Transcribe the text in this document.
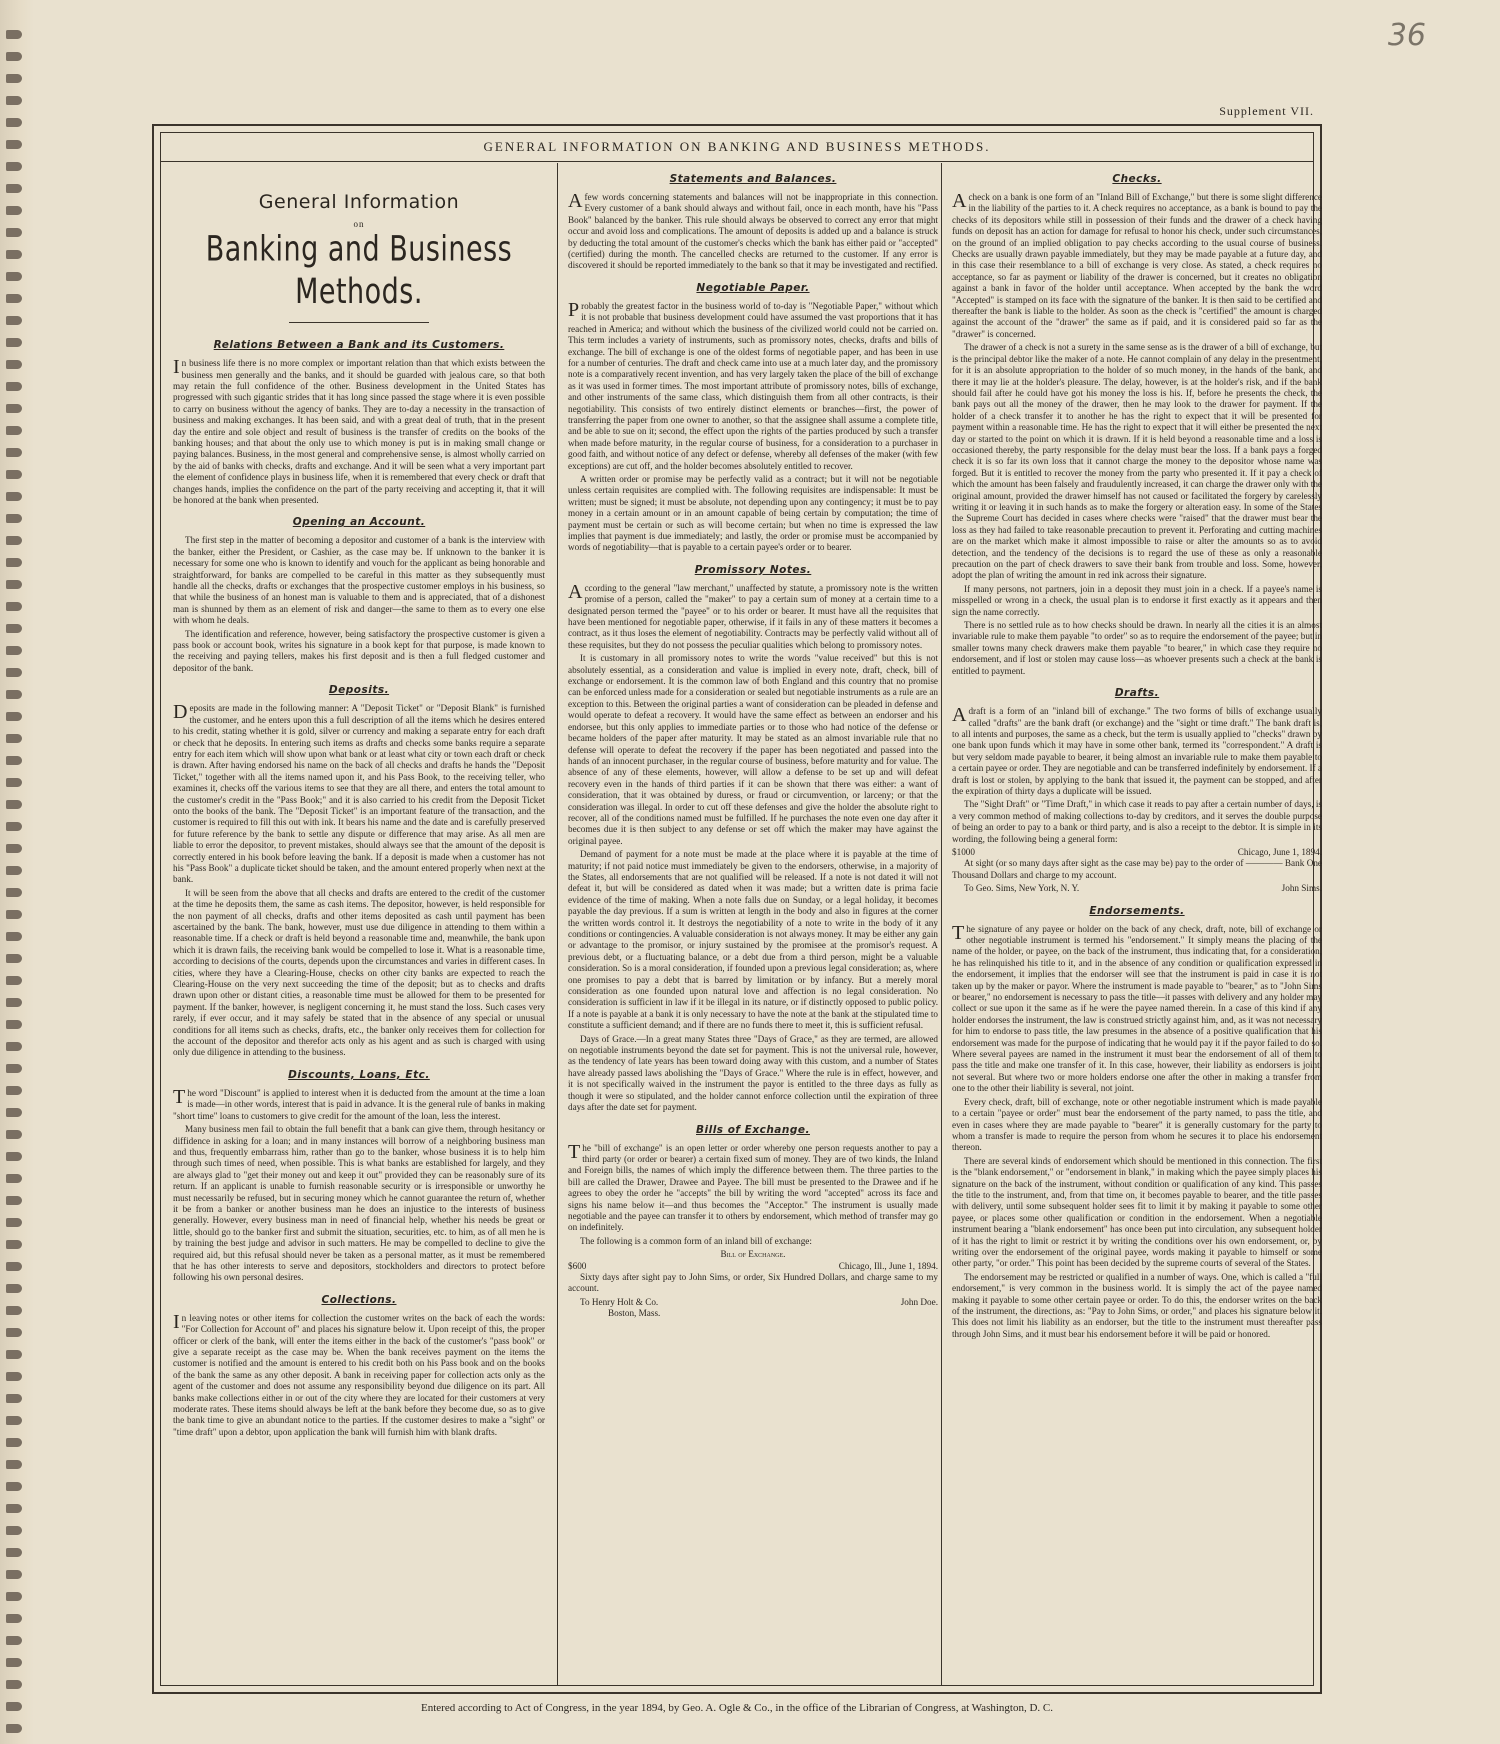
36
Supplement VII.
GENERAL INFORMATION ON BANKING AND BUSINESS METHODS.
General Information
on
Banking and Business Methods.
Relations Between a Bank and its Customers.

In business life there is no more complex or important relation than that which exists between the business men generally and the banks, and it should be guarded with jealous care, so that both may retain the full confidence of the other. Business development in the United States has progressed with such gigantic strides that it has long since passed the stage where it is even possible to carry on business without the agency of banks. They are to-day a necessity in the transaction of business and making exchanges. It has been said, and with a great deal of truth, that in the present day the entire and sole object and result of business is the transfer of credits on the books of the banking houses; and that about the only use to which money is put is in making small change or paying balances. Business, in the most general and comprehensive sense, is almost wholly carried on by the aid of banks with checks, drafts and exchange. And it will be seen what a very important part the element of confidence plays in business life, when it is remembered that every check or draft that changes hands, implies the confidence on the part of the party receiving and accepting it, that it will be honored at the bank when presented.

Opening an Account.

The first step in the matter of becoming a depositor and customer of a bank is the interview with the banker, either the President, or Cashier, as the case may be. If unknown to the banker it is necessary for some one who is known to identify and vouch for the applicant as being honorable and straightforward, for banks are compelled to be careful in this matter as they subsequently must handle all the checks, drafts or exchanges that the prospective customer employs in his business, so that while the business of an honest man is valuable to them and is appreciated, that of a dishonest man is shunned by them as an element of risk and danger—the same to them as to every one else with whom he deals.

The identification and reference, however, being satisfactory the prospective customer is given a pass book or account book, writes his signature in a book kept for that purpose, is made known to the receiving and paying tellers, makes his first deposit and is then a full fledged customer and depositor of the bank.

Deposits.

Deposits are made in the following manner: A "Deposit Ticket" or "Deposit Blank" is furnished the customer, and he enters upon this a full description of all the items which he desires entered to his credit, stating whether it is gold, silver or currency and making a separate entry for each draft or check that he deposits. In entering such items as drafts and checks some banks require a separate entry for each item which will show upon what bank or at least what city or town each draft or check is drawn. After having endorsed his name on the back of all checks and drafts he hands the "Deposit Ticket," together with all the items named upon it, and his Pass Book, to the receiving teller, who examines it, checks off the various items to see that they are all there, and enters the total amount to the customer's credit in the "Pass Book;" and it is also carried to his credit from the Deposit Ticket onto the books of the bank. The "Deposit Ticket" is an important feature of the transaction, and the customer is required to fill this out with ink. It bears his name and the date and is carefully preserved for future reference by the bank to settle any dispute or difference that may arise. As all men are liable to error the depositor, to prevent mistakes, should always see that the amount of the deposit is correctly entered in his book before leaving the bank. If a deposit is made when a customer has not his "Pass Book" a duplicate ticket should be taken, and the amount entered properly when next at the bank.

It will be seen from the above that all checks and drafts are entered to the credit of the customer at the time he deposits them, the same as cash items. The depositor, however, is held responsible for the non payment of all checks, drafts and other items deposited as cash until payment has been ascertained by the bank. The bank, however, must use due diligence in attending to them within a reasonable time. If a check or draft is held beyond a reasonable time and, meanwhile, the bank upon which it is drawn fails, the receiving bank would be compelled to lose it. What is a reasonable time, according to decisions of the courts, depends upon the circumstances and varies in different cases. In cities, where they have a Clearing-House, checks on other city banks are expected to reach the Clearing-House on the very next succeeding the time of the deposit; but as to checks and drafts drawn upon other or distant cities, a reasonable time must be allowed for them to be presented for payment. If the banker, however, is negligent concerning it, he must stand the loss. Such cases very rarely, if ever occur, and it may safely be stated that in the absence of any special or unusual conditions for all items such as checks, drafts, etc., the banker only receives them for collection for the account of the depositor and therefor acts only as his agent and as such is charged with using only due diligence in attending to the business.

Discounts, Loans, Etc.

The word "Discount" is applied to interest when it is deducted from the amount at the time a loan is made—in other words, interest that is paid in advance. It is the general rule of banks in making "short time" loans to customers to give credit for the amount of the loan, less the interest.

Many business men fail to obtain the full benefit that a bank can give them, through hesitancy or diffidence in asking for a loan; and in many instances will borrow of a neighboring business man and thus, frequently embarrass him, rather than go to the banker, whose business it is to help him through such times of need, when possible. This is what banks are established for largely, and they are always glad to "get their money out and keep it out" provided they can be reasonably sure of its return. If an applicant is unable to furnish reasonable security or is irresponsible or unworthy he must necessarily be refused, but in securing money which he cannot guarantee the return of, whether it be from a banker or another business man he does an injustice to the interests of business generally. However, every business man in need of financial help, whether his needs be great or little, should go to the banker first and submit the situation, securities, etc. to him, as of all men he is by training the best judge and advisor in such matters. He may be compelled to decline to give the required aid, but this refusal should never be taken as a personal matter, as it must be remembered that he has other interests to serve and depositors, stockholders and directors to protect before following his own personal desires.

Collections.

In leaving notes or other items for collection the customer writes on the back of each the words: "For Collection for Account of" and places his signature below it. Upon receipt of this, the proper officer or clerk of the bank, will enter the items either in the back of the customer's "pass book" or give a separate receipt as the case may be. When the bank receives payment on the items the customer is notified and the amount is entered to his credit both on his Pass book and on the books of the bank the same as any other deposit. A bank in receiving paper for collection acts only as the agent of the customer and does not assume any responsibility beyond due diligence on its part. All banks make collections either in or out of the city where they are located for their customers at very moderate rates. These items should always be left at the bank before they become due, so as to give the bank time to give an abundant notice to the parties. If the customer desires to make a "sight" or "time draft" upon a debtor, upon application the bank will furnish him with blank drafts.

Statements and Balances.

Afew words concerning statements and balances will not be inappropriate in this connection. Every customer of a bank should always and without fail, once in each month, have his "Pass Book" balanced by the banker. This rule should always be observed to correct any error that might occur and avoid loss and complications. The amount of deposits is added up and a balance is struck by deducting the total amount of the customer's checks which the bank has either paid or "accepted" (certified) during the month. The cancelled checks are returned to the customer. If any error is discovered it should be reported immediately to the bank so that it may be investigated and rectified.

Negotiable Paper.

Probably the greatest factor in the business world of to-day is "Negotiable Paper," without which it is not probable that business development could have assumed the vast proportions that it has reached in America; and without which the business of the civilized world could not be carried on. This term includes a variety of instruments, such as promissory notes, checks, drafts and bills of exchange. The bill of exchange is one of the oldest forms of negotiable paper, and has been in use for a number of centuries. The draft and check came into use at a much later day, and the promissory note is a comparatively recent invention, and has very largely taken the place of the bill of exchange as it was used in former times. The most important attribute of promissory notes, bills of exchange, and other instruments of the same class, which distinguish them from all other contracts, is their negotiability. This consists of two entirely distinct elements or branches—first, the power of transferring the paper from one owner to another, so that the assignee shall assume a complete title, and be able to sue on it; second, the effect upon the rights of the parties produced by such a transfer when made before maturity, in the regular course of business, for a consideration to a purchaser in good faith, and without notice of any defect or defense, whereby all defenses of the maker (with few exceptions) are cut off, and the holder becomes absolutely entitled to recover.

A written order or promise may be perfectly valid as a contract; but it will not be negotiable unless certain requisites are complied with. The following requisites are indispensable: It must be written; must be signed; it must be absolute, not depending upon any contingency; it must be to pay money in a certain amount or in an amount capable of being certain by computation; the time of payment must be certain or such as will become certain; but when no time is expressed the law implies that payment is due immediately; and lastly, the order or promise must be accompanied by words of negotiability—that is payable to a certain payee's order or to bearer.

Promissory Notes.

According to the general "law merchant," unaffected by statute, a promissory note is the written promise of a person, called the "maker" to pay a certain sum of money at a certain time to a designated person termed the "payee" or to his order or bearer. It must have all the requisites that have been mentioned for negotiable paper, otherwise, if it fails in any of these matters it becomes a contract, as it thus loses the element of negotiability. Contracts may be perfectly valid without all of these requisites, but they do not possess the peculiar qualities which belong to promissory notes.

It is customary in all promissory notes to write the words "value received" but this is not absolutely essential, as a consideration and value is implied in every note, draft, check, bill of exchange or endorsement. It is the common law of both England and this country that no promise can be enforced unless made for a consideration or sealed but negotiable instruments as a rule are an exception to this. Between the original parties a want of consideration can be pleaded in defense and would operate to defeat a recovery. It would have the same effect as between an endorser and his endorsee, but this only applies to immediate parties or to those who had notice of the defense or became holders of the paper after maturity. It may be stated as an almost invariable rule that no defense will operate to defeat the recovery if the paper has been negotiated and passed into the hands of an innocent purchaser, in the regular course of business, before maturity and for value. The absence of any of these elements, however, will allow a defense to be set up and will defeat recovery even in the hands of third parties if it can be shown that there was either: a want of consideration, that it was obtained by duress, or fraud or circumvention, or larceny; or that the consideration was illegal. In order to cut off these defenses and give the holder the absolute right to recover, all of the conditions named must be fulfilled. If he purchases the note even one day after it becomes due it is then subject to any defense or set off which the maker may have against the original payee.

Demand of payment for a note must be made at the place where it is payable at the time of maturity; if not paid notice must immediately be given to the endorsers, otherwise, in a majority of the States, all endorsements that are not qualified will be released. If a note is not dated it will not defeat it, but will be considered as dated when it was made; but a written date is prima facie evidence of the time of making. When a note falls due on Sunday, or a legal holiday, it becomes payable the day previous. If a sum is written at length in the body and also in figures at the corner the written words control it. It destroys the negotiability of a note to write in the body of it any conditions or contingencies. A valuable consideration is not always money. It may be either any gain or advantage to the promisor, or injury sustained by the promisee at the promisor's request. A previous debt, or a fluctuating balance, or a debt due from a third person, might be a valuable consideration. So is a moral consideration, if founded upon a previous legal consideration; as, where one promises to pay a debt that is barred by limitation or by infancy. But a merely moral consideration as one founded upon natural love and affection is no legal consideration. No consideration is sufficient in law if it be illegal in its nature, or if distinctly opposed to public policy. If a note is payable at a bank it is only necessary to have the note at the bank at the stipulated time to constitute a sufficient demand; and if there are no funds there to meet it, this is sufficient refusal.

Days of Grace.—In a great many States three "Days of Grace," as they are termed, are allowed on negotiable instruments beyond the date set for payment. This is not the universal rule, however, as the tendency of late years has been toward doing away with this custom, and a number of States have already passed laws abolishing the "Days of Grace." Where the rule is in effect, however, and it is not specifically waived in the instrument the payor is entitled to the three days as fully as though it were so stipulated, and the holder cannot enforce collection until the expiration of three days after the date set for payment.

Bills of Exchange.

The "bill of exchange" is an open letter or order whereby one person requests another to pay a third party (or order or bearer) a certain fixed sum of money. They are of two kinds, the Inland and Foreign bills, the names of which imply the difference between them. The three parties to the bill are called the Drawer, Drawee and Payee. The bill must be presented to the Drawee and if he agrees to obey the order he "accepts" the bill by writing the word "accepted" across its face and signs his name below it—and thus becomes the "Acceptor." The instrument is usually made negotiable and the payee can transfer it to others by endorsement, which method of transfer may go on indefinitely.

The following is a common form of an inland bill of exchange:

Bill of Exchange.
$600	Chicago, Ill., June 1, 1894.

Sixty days after sight pay to John Sims, or order, Six Hundred Dollars, and charge same to my account.

To Henry Holt & Co.	John Doe.
Boston, Mass.
Checks.

Acheck on a bank is one form of an "Inland Bill of Exchange," but there is some slight difference in the liability of the parties to it. A check requires no acceptance, as a bank is bound to pay the checks of its depositors while still in possession of their funds and the drawer of a check having funds on deposit has an action for damage for refusal to honor his check, under such circumstances, on the ground of an implied obligation to pay checks according to the usual course of business. Checks are usually drawn payable immediately, but they may be made payable at a future day, and in this case their resemblance to a bill of exchange is very close. As stated, a check requires no acceptance, so far as payment or liability of the drawer is concerned, but it creates no obligation against a bank in favor of the holder until acceptance. When accepted by the bank the word "Accepted" is stamped on its face with the signature of the banker. It is then said to be certified and thereafter the bank is liable to the holder. As soon as the check is "certified" the amount is charged against the account of the "drawer" the same as if paid, and it is considered paid so far as the "drawer" is concerned.

The drawer of a check is not a surety in the same sense as is the drawer of a bill of exchange, but is the principal debtor like the maker of a note. He cannot complain of any delay in the presentment, for it is an absolute appropriation to the holder of so much money, in the hands of the bank, and there it may lie at the holder's pleasure. The delay, however, is at the holder's risk, and if the bank should fail after he could have got his money the loss is his. If, before he presents the check, the bank pays out all the money of the drawer, then he may look to the drawer for payment. If the holder of a check transfer it to another he has the right to expect that it will be presented for payment within a reasonable time. He has the right to expect that it will either be presented the next day or started to the point on which it is drawn. If it is held beyond a reasonable time and a loss is occasioned thereby, the party responsible for the delay must bear the loss. If a bank pays a forged check it is so far its own loss that it cannot charge the money to the depositor whose name was forged. But it is entitled to recover the money from the party who presented it. If it pay a check of which the amount has been falsely and fraudulently increased, it can charge the drawer only with the original amount, provided the drawer himself has not caused or facilitated the forgery by carelessly writing it or leaving it in such hands as to make the forgery or alteration easy. In some of the States the Supreme Court has decided in cases where checks were "raised" that the drawer must bear the loss as they had failed to take reasonable precaution to prevent it. Perforating and cutting machines are on the market which make it almost impossible to raise or alter the amounts so as to avoid detection, and the tendency of the decisions is to regard the use of these as only a reasonable precaution on the part of check drawers to save their bank from trouble and loss. Some, however, adopt the plan of writing the amount in red ink across their signature.

If many persons, not partners, join in a deposit they must join in a check. If a payee's name is misspelled or wrong in a check, the usual plan is to endorse it first exactly as it appears and then sign the name correctly.

There is no settled rule as to how checks should be drawn. In nearly all the cities it is an almost invariable rule to make them payable "to order" so as to require the endorsement of the payee; but in smaller towns many check drawers make them payable "to bearer," in which case they require no endorsement, and if lost or stolen may cause loss—as whoever presents such a check at the bank is entitled to payment.

Drafts.

Adraft is a form of an "inland bill of exchange." The two forms of bills of exchange usually called "drafts" are the bank draft (or exchange) and the "sight or time draft." The bank draft is, to all intents and purposes, the same as a check, but the term is usually applied to "checks" drawn by one bank upon funds which it may have in some other bank, termed its "correspondent." A draft is but very seldom made payable to bearer, it being almost an invariable rule to make them payable to a certain payee or order. They are negotiable and can be transferred indefinitely by endorsement. If a draft is lost or stolen, by applying to the bank that issued it, the payment can be stopped, and after the expiration of thirty days a duplicate will be issued.

The "Sight Draft" or "Time Draft," in which case it reads to pay after a certain number of days, is a very common method of making collections to-day by creditors, and it serves the double purpose of being an order to pay to a bank or third party, and is also a receipt to the debtor. It is simple in its wording, the following being a general form:

$1000	Chicago, June 1, 1894.

At sight (or so many days after sight as the case may be) pay to the order of ———— Bank One Thousand Dollars and charge to my account.

To Geo. Sims, New York, N. Y.	John Sims.
Endorsements.

The signature of any payee or holder on the back of any check, draft, note, bill of exchange or other negotiable instrument is termed his "endorsement." It simply means the placing of the name of the holder, or payee, on the back of the instrument, thus indicating that, for a consideration, he has relinquished his title to it, and in the absence of any condition or qualification expressed in the endorsement, it implies that the endorser will see that the instrument is paid in case it is not taken up by the maker or payor. Where the instrument is made payable to "bearer," as to "John Sims or bearer," no endorsement is necessary to pass the title—it passes with delivery and any holder may collect or sue upon it the same as if he were the payee named therein. In a case of this kind if any holder endorses the instrument, the law is construed strictly against him, and, as it was not necessary for him to endorse to pass title, the law presumes in the absence of a positive qualification that his endorsement was made for the purpose of indicating that he would pay it if the payor failed to do so. Where several payees are named in the instrument it must bear the endorsement of all of them to pass the title and make one transfer of it. In this case, however, their liability as endorsers is joint, not several. But where two or more holders endorse one after the other in making a transfer from one to the other their liability is several, not joint.

Every check, draft, bill of exchange, note or other negotiable instrument which is made payable to a certain "payee or order" must bear the endorsement of the party named, to pass the title, and even in cases where they are made payable to "bearer" it is generally customary for the party to whom a transfer is made to require the person from whom he secures it to place his endorsement thereon.

There are several kinds of endorsement which should be mentioned in this connection. The first is the "blank endorsement," or "endorsement in blank," in making which the payee simply places his signature on the back of the instrument, without condition or qualification of any kind. This passes the title to the instrument, and, from that time on, it becomes payable to bearer, and the title passes with delivery, until some subsequent holder sees fit to limit it by making it payable to some other payee, or places some other qualification or condition in the endorsement. When a negotiable instrument bearing a "blank endorsement" has once been put into circulation, any subsequent holder of it has the right to limit or restrict it by writing the conditions over his own endorsement, or, by writing over the endorsement of the original payee, words making it payable to himself or some other party, "or order." This point has been decided by the supreme courts of several of the States.

The endorsement may be restricted or qualified in a number of ways. One, which is called a "full endorsement," is very common in the business world. It is simply the act of the payee named making it payable to some other certain payee or order. To do this, the endorser writes on the back of the instrument, the directions, as: "Pay to John Sims, or order," and places his signature below it. This does not limit his liability as an endorser, but the title to the instrument must thereafter pass through John Sims, and it must bear his endorsement before it will be paid or honored.

Entered according to Act of Congress, in the year 1894, by Geo. A. Ogle & Co., in the office of the Librarian of Congress, at Washington, D. C.
